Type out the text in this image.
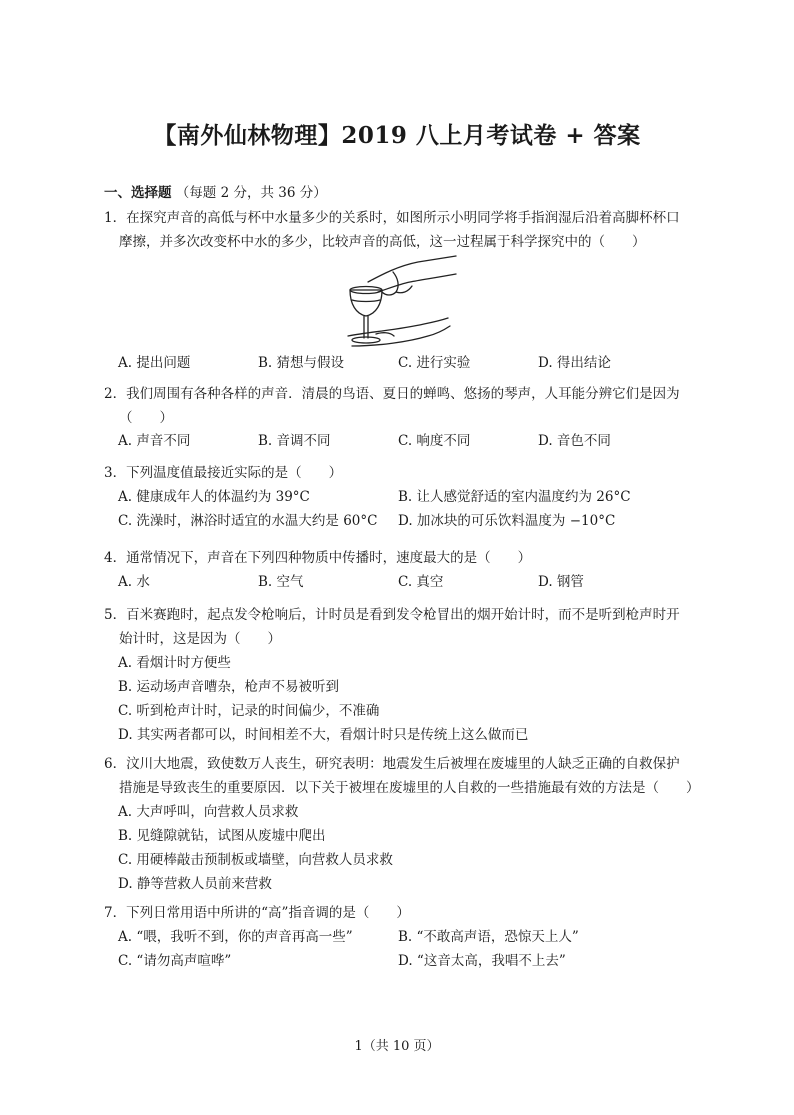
【南外仙林物理】2019 八上月考试卷 + 答案
一、选择题 （每题 2 分，共 36 分）
1．在探究声音的高低与杯中水量多少的关系时，如图所示小明同学将手指润湿后沿着高脚杯杯口
摩擦，并多次改变杯中水的多少，比较声音的高低，这一过程属于科学探究中的（　　）
A. 提出问题	B. 猜想与假设	C. 进行实验	D. 得出结论
2．我们周围有各种各样的声音．清晨的鸟语、夏日的蝉鸣、悠扬的琴声，人耳能分辨它们是因为
（　　）
A. 声音不同	B. 音调不同	C. 响度不同	D. 音色不同
3．下列温度值最接近实际的是（　　）
A. 健康成年人的体温约为 39°C	B. 让人感觉舒适的室内温度约为 26°C
C. 洗澡时，淋浴时适宜的水温大约是 60°C D. 加冰块的可乐饮料温度为 −10°C
4．通常情况下，声音在下列四种物质中传播时，速度最大的是（　　）
A. 水	B. 空气	C. 真空	D. 钢管
5．百米赛跑时，起点发令枪响后，计时员是看到发令枪冒出的烟开始计时，而不是听到枪声时开
始计时，这是因为（　　）
A. 看烟计时方便些
B. 运动场声音嘈杂，枪声不易被听到
C. 听到枪声计时，记录的时间偏少，不准确
D. 其实两者都可以，时间相差不大，看烟计时只是传统上这么做而已
6．汶川大地震，致使数万人丧生，研究表明：地震发生后被埋在废墟里的人缺乏正确的自救保护
措施是导致丧生的重要原因．以下关于被埋在废墟里的人自救的一些措施最有效的方法是（　　）
A. 大声呼叫，向营救人员求救
B. 见缝隙就钻，试图从废墟中爬出
C. 用硬棒敲击预制板或墙壁，向营救人员求救
D. 静等营救人员前来营救
7．下列日常用语中所讲的“高”指音调的是（　　）
A. “喂，我听不到，你的声音再高一些”	B. “不敢高声语，恐惊天上人”
C. “请勿高声喧哗”	D. “这音太高，我唱不上去”
1（共 10 页）
